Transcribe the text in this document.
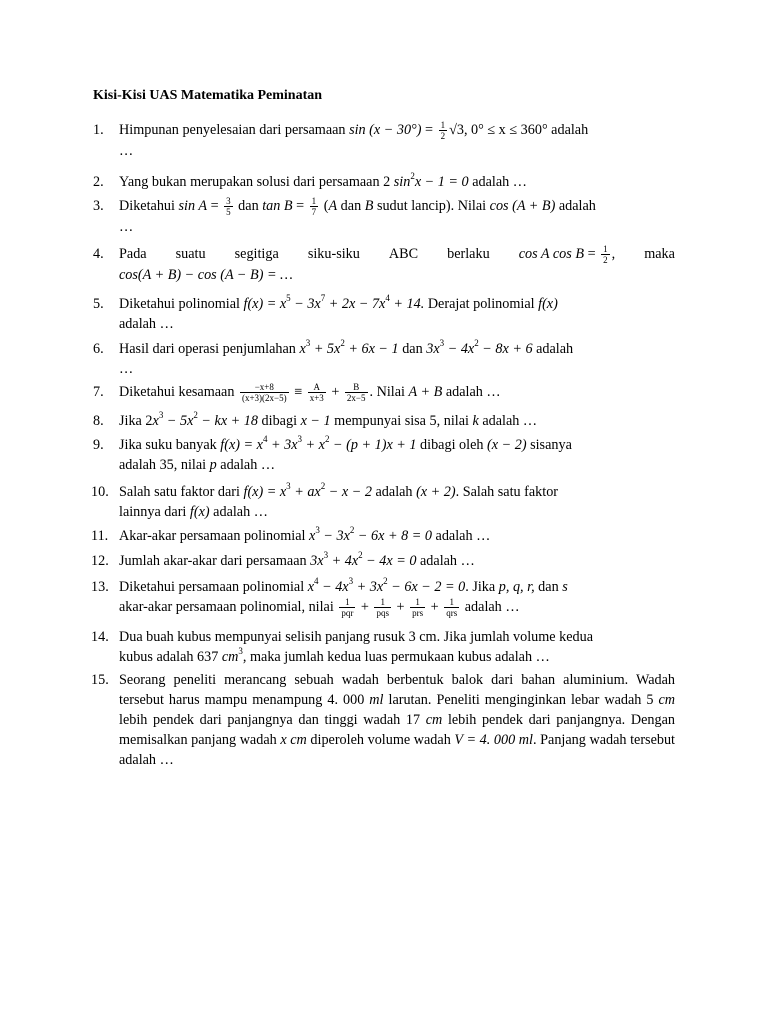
Kisi-Kisi UAS Matematika Peminatan
1.	Himpunan penyelesaian dari persamaan $\sin (x - 30^\circ) = \frac{1}{2} √3$, 0° ≤ x ≤ 360° adalah
…
2.	Yang bukan merupakan solusi dari persamaan 2 $\sin^2x - 1 = 0$ adalah …
3.	Diketahui $\sin A = \frac{3}{5}$ dan $\tan B = \frac{1}{7} (A$ dan B sudut lancip). Nilai cos (A + B) adalah
…
4.	Pada suatu segitiga siku-siku ABC berlaku cos A $\cos B = \frac{1}{2}$ , maka
cos(A + B) − cos (A − B) = …
5.	Diketahui polinomial $f(x) = x^5 - 3x^7 + 2x - 7x^4 + 14$. Derajat polinomial f(x)
adalah …
6.	Hasil dari operasi penjumlahan $x^3 + 5x^2 + 6x - 1$ dan $3x^3 - 4x^2 - 8x + 6$ adalah
…
7.	Diketahui kesamaan $\frac{-x+8}{(x+3)(2x-5)} \equiv \frac{A}{x+3} + \frac{B}{2x-5}$ . Nilai A + B adalah …
8.	Jika $2x^3 - 5x^2$ − kx + 18 dibagi x − 1 mempunyai sisa 5, nilai k adalah …
9.	Jika suku banyak $f(x) = x^4 + 3x^3 + x^2 - (p + 1)x + 1$ dibagi oleh (x − 2) sisanya
adalah 35, nilai p adalah …
10. Salah satu faktor dari $f(x) = x^3 + ax^2 - x - 2$ adalah (x + 2). Salah satu faktor
lainnya dari f(x) adalah …
11. Akar-akar persamaan polinomial $x^3 - 3x^2 - 6x + 8 = 0$ adalah …
12. Jumlah akar-akar dari persamaan $3x^3 + 4x^2 - 4x = 0$ adalah …
13. Diketahui persamaan polinomial $x^4 - 4x^3 + 3x^2 - 6x - 2 = 0$. Jika p, q, r, dan s
akar-akar persamaan polinomial, nilai $\frac{1}{\text{pqr}} + \frac{1}{\text{pqs}} + \frac{1}{\text{prs}} + \frac{1}{\text{qrs}}$ adalah …
14. Dua buah kubus mempunyai selisih panjang rusuk 3 cm. Jika jumlah volume kedua
kubus adalah 637 $cm^3$, maka jumlah kedua luas permukaan kubus adalah …
15. Seorang peneliti merancang sebuah wadah berbentuk balok dari bahan aluminium. Wadah tersebut harus mampu menampung 4. 000 ml larutan. Peneliti menginginkan lebar wadah 5 cm lebih pendek dari panjangnya dan tinggi wadah 17 cm lebih pendek dari panjangnya. Dengan memisalkan panjang wadah x cm diperoleh volume wadah V = 4. 000 ml. Panjang wadah tersebut adalah …
